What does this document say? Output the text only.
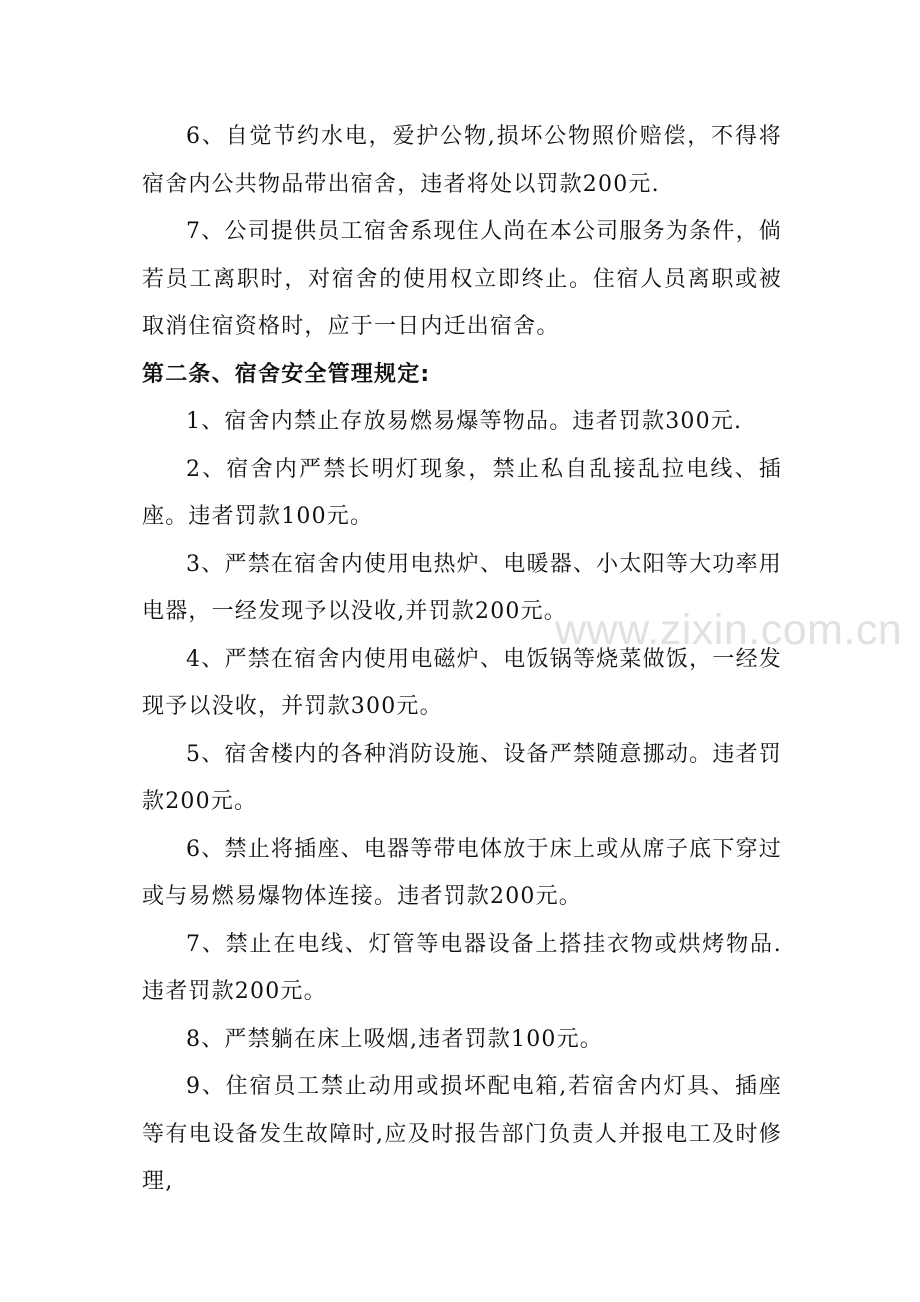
6、自觉节约水电，爱护公物,损坏公物照价赔偿，不得将宿舍内公共物品带出宿舍，违者将处以罚款200元.

7、公司提供员工宿舍系现住人尚在本公司服务为条件，倘若员工离职时，对宿舍的使用权立即终止。住宿人员离职或被取消住宿资格时，应于一日内迁出宿舍。

第二条、宿舍安全管理规定:

1、宿舍内禁止存放易燃易爆等物品。违者罚款300元.

2、宿舍内严禁长明灯现象，禁止私自乱接乱拉电线、插座。违者罚款100元。

3、严禁在宿舍内使用电热炉、电暖器、小太阳等大功率用电器，一经发现予以没收,并罚款200元。

4、严禁在宿舍内使用电磁炉、电饭锅等烧菜做饭，一经发现予以没收，并罚款300元。

5、宿舍楼内的各种消防设施、设备严禁随意挪动。违者罚款200元。

6、禁止将插座、电器等带电体放于床上或从席子底下穿过或与易燃易爆物体连接。违者罚款200元。

7、禁止在电线、灯管等电器设备上搭挂衣物或烘烤物品.违者罚款200元。

8、严禁躺在床上吸烟,违者罚款100元。

9、住宿员工禁止动用或损坏配电箱,若宿舍内灯具、插座等有电设备发生故障时,应及时报告部门负责人并报电工及时修理,

www.zixin.com.cn
